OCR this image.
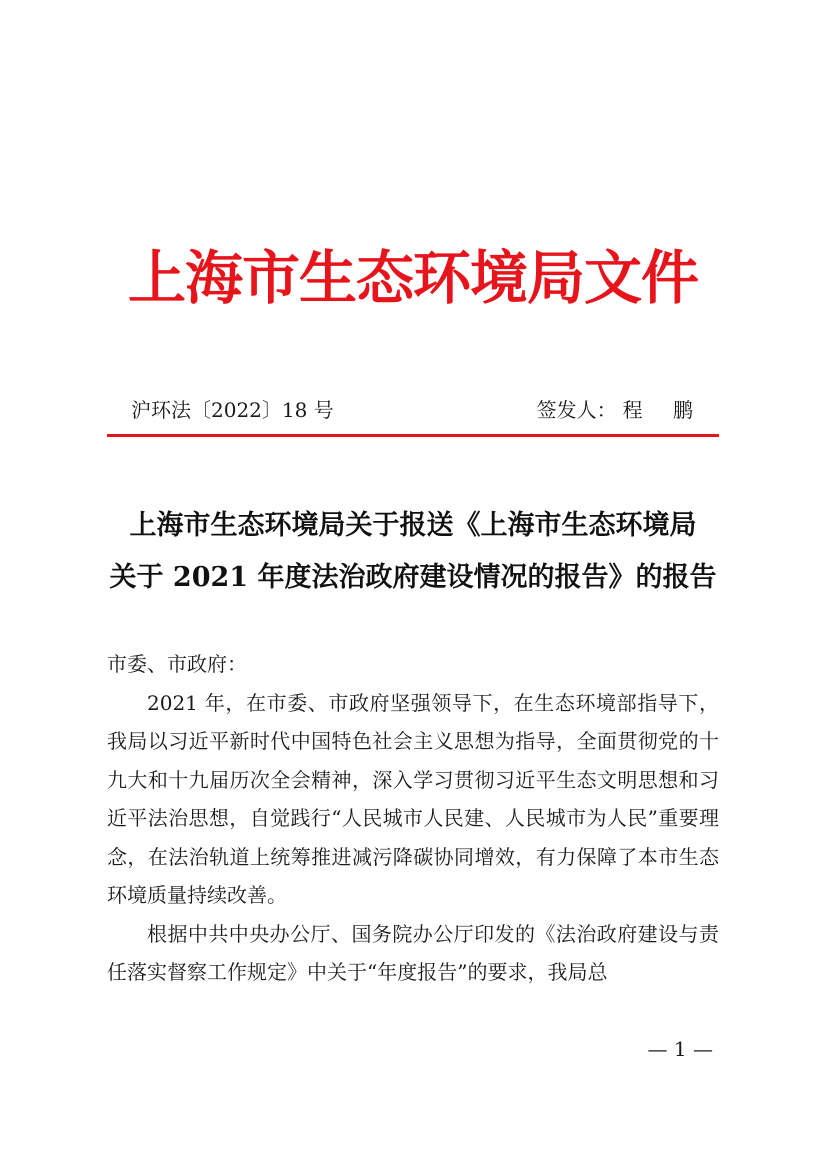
上海市生态环境局文件
沪环法〔2022〕18 号	签发人： 程 鹏
上海市生态环境局关于报送《上海市生态环境局
关于 2021 年度法治政府建设情况的报告》的报告
市委、市政府：
2021 年，在市委、市政府坚强领导下，在生态环境部指导下，我局以习近平新时代中国特色社会主义思想为指导，全面贯彻党的十九大和十九届历次全会精神，深入学习贯彻习近平生态文明思想和习近平法治思想，自觉践行“人民城市人民建、人民城市为人民”重要理念，在法治轨道上统筹推进减污降碳协同增效，有力保障了本市生态环境质量持续改善。
根据中共中央办公厅、国务院办公厅印发的《法治政府建设与责任落实督察工作规定》中关于“年度报告”的要求，我局总
— 1 —
